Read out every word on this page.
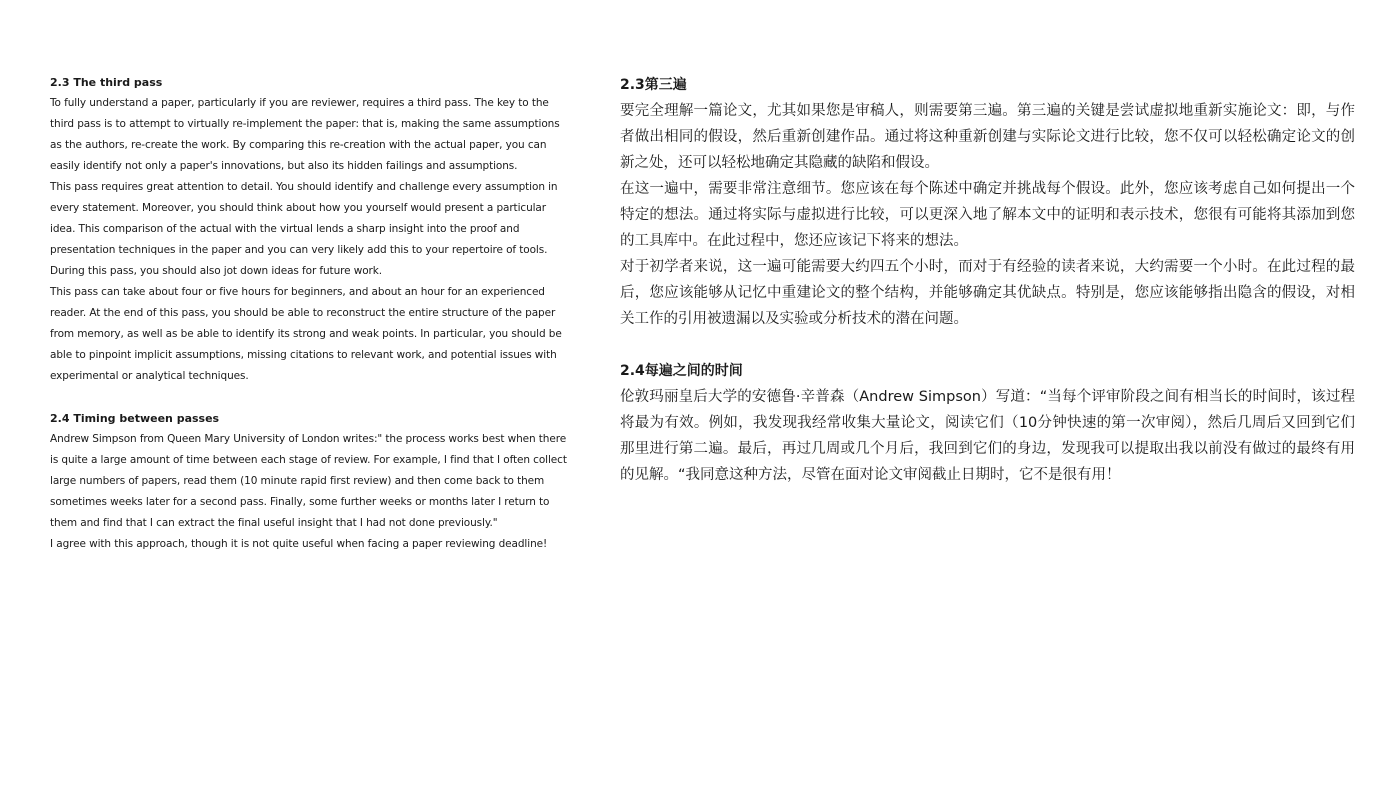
2.3 The third pass

To fully understand a paper, particularly if you are reviewer, requires a third pass. The key to the third pass is to attempt to virtually re-implement the paper: that is, making the same assumptions as the authors, re-create the work. By comparing this re-creation with the actual paper, you can easily identify not only a paper's innovations, but also its hidden failings and assumptions.

This pass requires great attention to detail. You should identify and challenge every assumption in every statement. Moreover, you should think about how you yourself would present a particular idea. This comparison of the actual with the virtual lends a sharp insight into the proof and presentation techniques in the paper and you can very likely add this to your repertoire of tools. During this pass, you should also jot down ideas for future work.

This pass can take about four or five hours for beginners, and about an hour for an experienced reader. At the end of this pass, you should be able to reconstruct the entire structure of the paper from memory, as well as be able to identify its strong and weak points. In particular, you should be able to pinpoint implicit assumptions, missing citations to relevant work, and potential issues with experimental or analytical techniques.

2.4 Timing between passes

Andrew Simpson from Queen Mary University of London writes:" the process works best when there is quite a large amount of time between each stage of review. For example, I find that I often collect large numbers of papers, read them (10 minute rapid first review) and then come back to them sometimes weeks later for a second pass. Finally, some further weeks or months later I return to them and find that I can extract the final useful insight that I had not done previously."

I agree with this approach, though it is not quite useful when facing a paper reviewing deadline!

2.3第三遍

要完全理解一篇论文，尤其如果您是审稿人，则需要第三遍。第三遍的关键是尝试虚拟地重新实施论文：即，与作者做出相同的假设，然后重新创建作品。通过将这种重新创建与实际论文进行比较，您不仅可以轻松确定论文的创新之处，还可以轻松地确定其隐藏的缺陷和假设。

在这一遍中，需要非常注意细节。您应该在每个陈述中确定并挑战每个假设。此外，您应该考虑自己如何提出一个特定的想法。通过将实际与虚拟进行比较，可以更深入地了解本文中的证明和表示技术，您很有可能将其添加到您的工具库中。在此过程中，您还应该记下将来的想法。

对于初学者来说，这一遍可能需要大约四五个小时，而对于有经验的读者来说，大约需要一个小时。在此过程的最后，您应该能够从记忆中重建论文的整个结构，并能够确定其优缺点。特别是，您应该能够指出隐含的假设，对相关工作的引用被遗漏以及实验或分析技术的潜在问题。

2.4每遍之间的时间

伦敦玛丽皇后大学的安德鲁·辛普森（Andrew Simpson）写道：“当每个评审阶段之间有相当长的时间时，该过程将最为有效。例如，我发现我经常收集大量论文，阅读它们（10分钟快速的第一次审阅），然后几周后又回到它们那里进行第二遍。最后，再过几周或几个月后，我回到它们的身边，发现我可以提取出我以前没有做过的最终有用的见解。“我同意这种方法，尽管在面对论文审阅截止日期时，它不是很有用！
